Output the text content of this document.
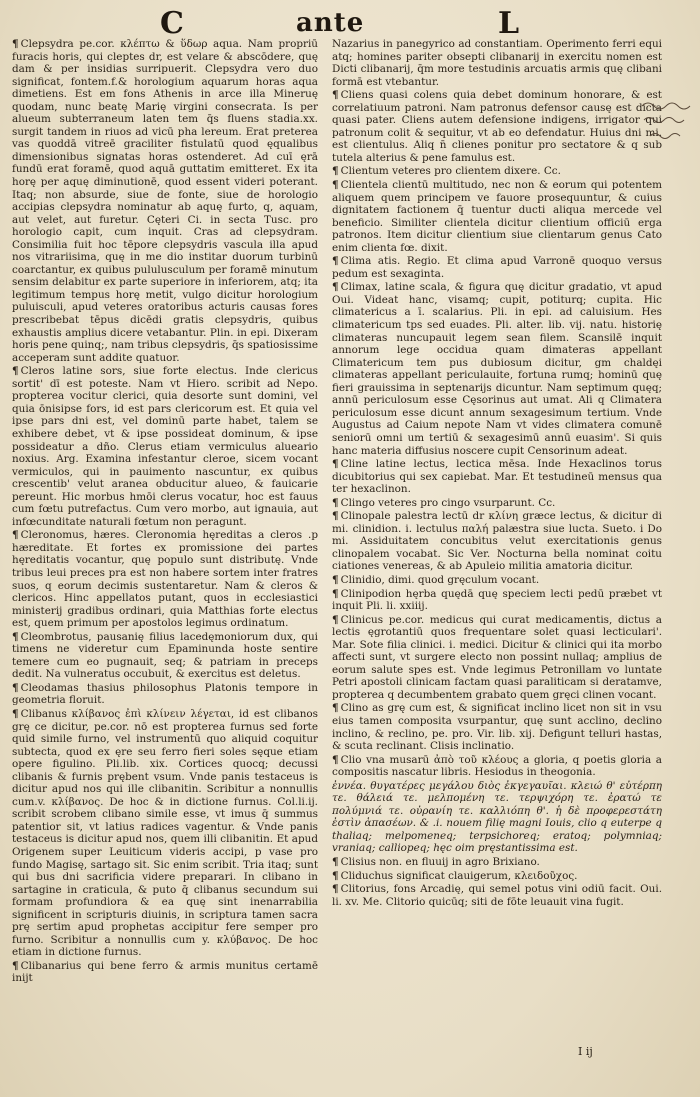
C	ante	L

¶ Clepsydra pe.cor. κλέπτω & ὕδωρ aqua. Nam propriū furacis horis, qui cleptes dr, est velare & abscōdere, quę dam & per insidias surripuerit. Clepsydra vero duo significat, fontem.f.& horologium aquarum horas aqua dimetiens. Est em fons Athenis in arce illa Mineruę quodam, nunc beatę Marię virgini consecrata. Is per alueum subterraneum laten tem q̄s fluens stadia.xx. surgit tandem in riuos ad vicū pha lereum. Erat preterea vas quoddā vitreē graciliter fistulatū quod ęqualibus dimensionibus signatas horas ostenderet. Ad cuī ęrā fundū erat foramē, quod aquā guttatim emitteret. Ex ita horę per aquę diminutionē, quod essent videri poterant. Itaq; non absurde, siue de fonte, siue de horologio accipias clepsydra nominatur ab aquę furto, q, aquam, aut velet, aut furetur. Cęteri Ci. in secta Tusc. pro horologio capit, cum inquit. Cras ad clepsydram. Consimilia fuit hoc tēpore clepsydris vascula illa apud nos vitrariisima, quę in me dio institar duorum turbinū coarctantur, ex quibus pululusculum per foramē minutum sensim delabitur ex parte superiore in inferiorem, atq; ita legitimum tempus horę metit, vulgo dicitur horologium puluisculi, apud veteres oratoribus acturis causas fores prescribebat tēpus dicēdi gratis clepsydris, quibus exhaustis amplius dicere vetabantur. Plin. in epi. Dixeram horis pene quinq;, nam tribus clepsydris, q̄s spatiosissime acceperam sunt addite quatuor.

¶ Cleros latine sors, siue forte electus. Inde clericus sortit' dī est poteste. Nam vt Hiero. scribit ad Nepo. propterea vocitur clerici, quia desorte sunt domini, vel quia ōnisipse fors, id est pars clericorum est. Et quia vel ipse pars dni est, vel dominū parte habet, talem se exhibere debet, vt & ipse possideat dominum, & ipse possideatur a dño. Clerus etiam vermiculus alueario noxius. Arg. Examina infestantur cleroe, sicem vocant vermiculos, qui in pauimento nascuntur, ex quibus crescentib' velut aranea obducitur alueo, & fauicarie pereunt. Hic morbus hmōi clerus vocatur, hoc est fauus cum fœtu putrefactus. Cum vero morbo, aut ignauia, aut infœcunditate naturali fœtum non peragunt.

¶ Cleronomus, hæres. Cleronomia hęreditas a cleros .p hæreditate. Et fortes ex promissione dei partes hęreditatis vocantur, quę populo sunt distributę. Vnde tribus leui preces pra est non habere sortem inter fratres suos, q eorum decimis sustentaretur. Nam & cleros & clericos. Hinc appellatos putant, quos in ecclesiastici ministerij gradibus ordinari, quia Matthias forte electus est, quem primum per apostolos legimus ordinatum.

¶ Cleombrotus, pausanię filius lacedęmoniorum dux, qui timens ne videretur cum Epaminunda hoste sentire temere cum eo pugnauit, seq; & patriam in preceps dedit. Na vulneratus occubuit, & exercitus est deletus.

¶ Cleodamas thasius philosophus Platonis tempore in geometria floruit.

¶ Clibanus κλίβανος ἐπὶ κλίνειν λέγεται, id est clibanos grę ce dicitur, pe.cor. nō est propterea furnus sed forte quid simile furno, vel instrumentū quo aliquid coquitur subtecta, quod ex ęre seu ferro fieri soles sęque etiam opere figulino. Pli.lib. xix. Cortices quocq; decussi clibanis & furnis prębent vsum. Vnde panis testaceus is dicitur apud nos qui ille clibanitin. Scribitur a nonnullis cum.v. κλίβανος. De hoc & in dictione furnus. Col.li.ij. scribit scrobem clibano simile esse, vt imus q̄ summus patentior sit, vt latius radices vagentur. & Vnde panis testaceus is dicitur apud nos, quem illi clibanitin. Et apud Origenem super Leuiticum videris accipi, p vase pro fundo Magisę, sartago sit. Sic enim scribit. Tria itaq; sunt qui bus dni sacrificia videre preparari. In clibano in sartagine in craticula, & puto q̄ clibanus secundum sui formam profundiora & ea quę sint inenarrabilia significent in scripturis diuinis, in scriptura tamen sacra prę sertim apud prophetas accipitur fere semper pro furno. Scribitur a nonnullis cum y. κλύβανος. De hoc etiam in dictione furnus.

¶ Clibanarius qui bene ferro & armis munitus certamē inijt

Nazarius in panegyrico ad constantiam. Operimento ferri equi atq; homines pariter obsepti clibanarij in exercitu nomen est Dicti clibanarij, q̄m more testudinis arcuatis armis quę clibani formā est vtebantur.

¶ Cliens quasi colens quia debet dominum honorare, & est correlatiuum patroni. Nam patronus defensor causę est dicta quasi pater. Cliens autem defensione indigens, irrigator qui patronum colit & sequitur, vt ab eo defendatur. Huius dni mi. est clientulus. Aliq n̄ clienes ponitur pro sectatore & q sub tutela alterius & pene famulus est.

¶ Clientum veteres pro clientem dixere. Cc.

¶ Clientela clientū multitudo, nec non & eorum qui potentem aliquem quem principem ve fauore prosequuntur, & cuius dignitatem factionem q̄ tuentur ducti aliqua mercede vel beneficio. Similiter clientela dicitur clientium officiū erga patronos. Item dicitur clientium siue clientarum genus Cato enim clienta fœ. dixit.

¶ Clima atis. Regio. Et clima apud Varronē quoquo versus pedum est sexaginta.

¶ Climax, latine scala, & figura quę dicitur gradatio, vt apud Oui. Videat hanc, visamq; cupit, potiturq; cupita. Hic climatericus a ī. scalarius. Pli. in epi. ad caluisium. Hes climatericum tps sed euades. Pli. alter. lib. vij. natu. historię climateras nuncupauit legem sean filem. Scansilē inquit annorum lege occidua quam dimateras appellant Climatericum tem pus dubiosum dicitur, gm chaldęi climateras appellant periculauite, fortuna rumq; hominū quę fieri grauissima in septenarijs dicuntur. Nam septimum quęq; annū periculosum esse Cęsorinus aut umat. Ali q Climatera periculosum esse dicunt annum sexagesimum tertium. Vnde Augustus ad Caium nepote Nam vt vides climatera comunē seniorū omni um tertiū & sexagesimū annū euasim'. Si quis hanc materia diffusius noscere cupit Censorinum adeat.

¶ Cline latine lectus, lectica mēsa. Inde Hexaclinos torus dicubitorius qui sex capiebat. Mar. Et testudineū mensus qua ter hexaclinon.

¶ Clingo veteres pro cingo vsurparunt. Cc.

¶ Clinopale palestra lectū dr κλίνη græce lectus, & dicitur di mi. clinidion. i. lectulus παλή palæstra siue lucta. Sueto. i Do mi. Assiduitatem concubitus velut exercitationis genus clinopalem vocabat. Sic Ver. Nocturna bella nominat coitu ciationes venereas, & ab Apuleio militia amatoria dicitur.

¶ Clinidio, dimi. quod gręculum vocant.

¶ Clinipodion hęrba quędā quę speciem lecti pedū præbet vt inquit Pli. li. xxiiij.

¶ Clinicus pe.cor. medicus qui curat medicamentis, dictus a lectis ęgrotantiū quos frequentare solet quasi lecticulari'. Mar. Sote filia clinici. i. medici. Dicitur & clinici qui ita morbo affecti sunt, vt surgere electo non possint nullaq; amplius de eorum salute spes est. Vnde legimus Petronillam vo luntate Petri apostoli clinicam factam quasi paraliticam si deratamve, propterea q decumbentem grabato quem gręci clinen vocant.

¶ Clino as grę cum est, & significat inclino licet non sit in vsu eius tamen composita vsurpantur, quę sunt acclino, declino inclino, & reclino, pe. pro. Vir. lib. xij. Defigunt telluri hastas, & scuta reclinant. Clisis inclinatio.

¶ Clio vna musarū ἀπὸ τοῦ κλέους a gloria, q poetis gloria a compositis nascatur libris. Hesiodus in theogonia.

ἐννέα. θυγατέρες μεγάλου διὸς ἐκγεγαυῖαι. κλειώ θ' εὐτέρπη τε. θάλειά τε. μελπομένη τε. τερψιχόρη τε. ἐρατώ τε πολύμνιά τε. οὐρανίη τε. καλλιόπη θ'. ἡ δὲ προφερεστάτη ἐστὶν ἁπασέων. & .i. nouem filię magni Iouis, clio q euterpe q thaliaq; melpomeneq; terpsichoreq; eratoq; polymniaq; vraniaq; calliopeq; hęc oim pręstantissima est.

¶ Clisius non. en fluuij in agro Brixiano.

¶ Cliduchus significat clauigerum, κλειδοῦχος.

¶ Clitorius, fons Arcadię, qui semel potus vini odiū facit. Oui. li. xv. Me. Clitorio quicūq; siti de fōte leuauit vina fugit.

I ij
